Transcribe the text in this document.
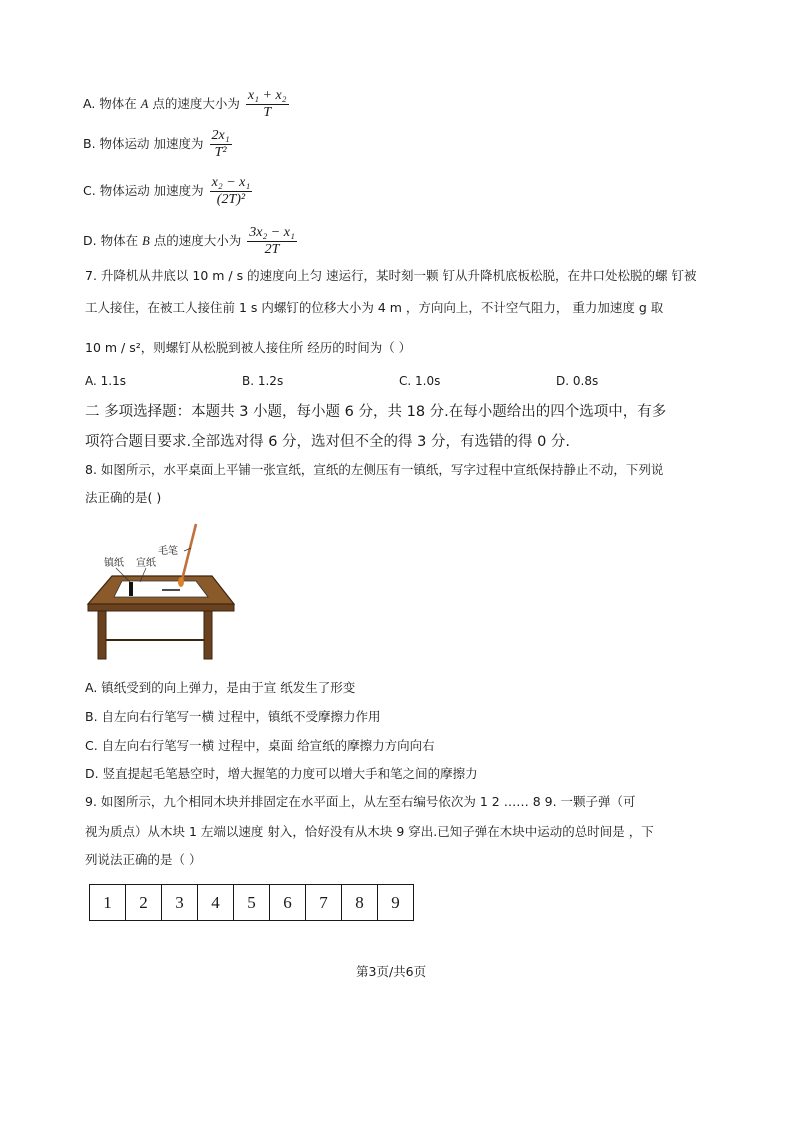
A. 物体在 A 点的速度大小为 $\frac{\text{x₁ + x₂}}{T}$
B. 物体运动 加速度为 $\frac{\text{2x₁}}{\text{T²}}$
C. 物体运动 加速度为 $\frac{\text{x₂ − x₁}}{\text{(2T)²}}$
D. 物体在 B 点的速度大小为 $\frac{\text{3x₂ − x₁}}{2T}$
7. 升降机从井底以 10 m / s 的速度向上匀 速运行，某时刻一颗 钉从升降机底板松脱，在井口处松脱的螺 钉被
工人接住，在被工人接住前 1 s 内螺钉的位移大小为 4 m ，方向向上，不计空气阻力， 重力加速度 g 取
10 m / s²，则螺钉从松脱到被人接住所 经历的时间为（ ）
A. 1.1s	B. 1.2s	C. 1.0s	D. 0.8s
二 多项选择题：本题共 3 小题，每小题 6 分，共 18 分.在每小题给出的四个选项中，有多
项符合题目要求.全部选对得 6 分，选对但不全的得 3 分，有选错的得 0 分.
8. 如图所示，水平桌面上平铺一张宣纸，宣纸的左侧压有一镇纸，写字过程中宣纸保持静止不动，下列说
法正确的是( )
镇纸 宣纸
毛笔
A. 镇纸受到的向上弹力，是由于宣 纸发生了形变
B. 自左向右行笔写一横 过程中，镇纸不受摩擦力作用
C. 自左向右行笔写一横 过程中，桌面 给宣纸的摩擦力方向向右
D. 竖直提起毛笔悬空时，增大握笔的力度可以增大手和笔之间的摩擦力
9. 如图所示，九个相同木块并排固定在水平面上，从左至右编号依次为 1 2 …… 8 9. 一颗子弹（可
视为质点）从木块 1 左端以速度 射入，恰好没有从木块 9 穿出.已知子弹在木块中运动的总时间是 ，下
列说法正确的是（ ）
1	2	3	4	5	6	7	8	9
第3页/共6页
